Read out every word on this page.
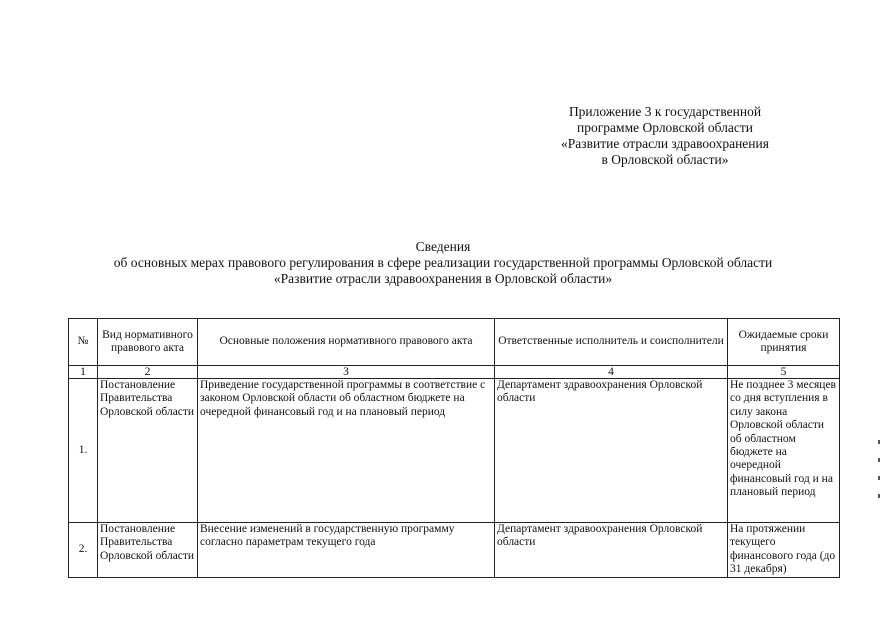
Приложение 3 к государственной
программе Орловской области
«Развитие отрасли здравоохранения
в Орловской области»
Сведения
об основных мерах правового регулирования в сфере реализации государственной программы Орловской области
«Развитие отрасли здравоохранения в Орловской области»
№	Вид нормативного правового акта	Основные положения нормативного правового акта	Ответственные исполнитель и соисполнители	Ожидаемые сроки принятия
1	2	3	4	5
1.	Постановление Правительства Орловской области	Приведение государственной программы в соответствие с законом Орловской области об областном бюджете на очередной финансовый год и на плановый период	Департамент здравоохранения Орловской области	Не позднее 3 месяцев со дня вступления в силу закона Орловской области об областном бюджете на очередной финансовый год и на плановый период
2.	Постановление Правительства Орловской области	Внесение изменений в государственную программу согласно параметрам текущего года	Департамент здравоохранения Орловской области	На протяжении текущего финансового года (до 31 декабря)
